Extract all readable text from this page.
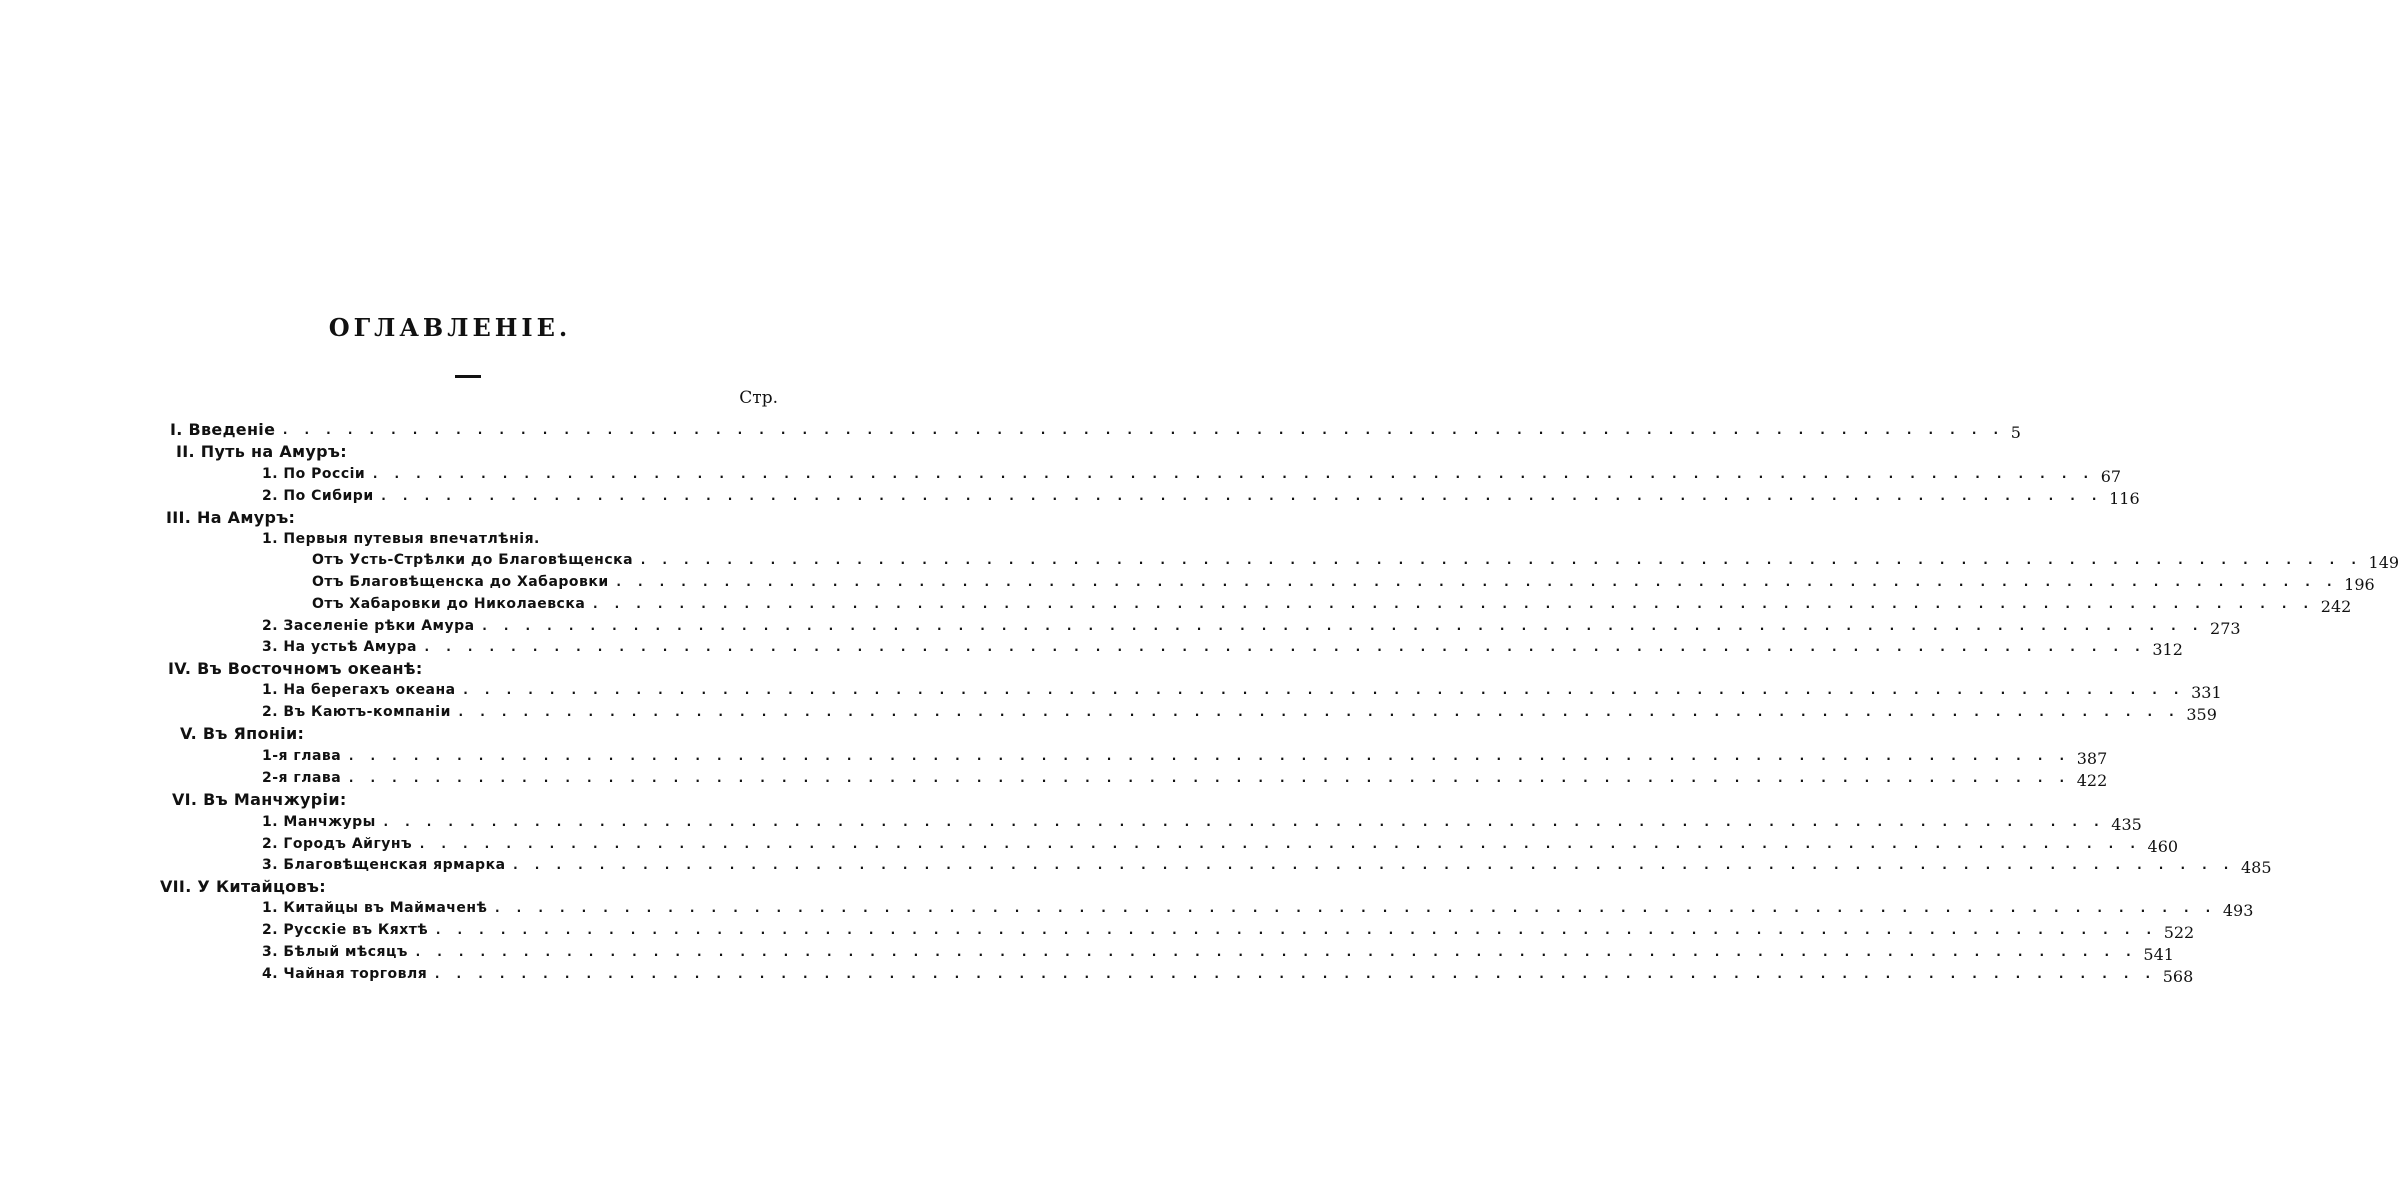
ОГЛАВЛЕНIЕ.
Стр.
I. Введенiе . . . . . . . . . . . . . . . . . . . . . . . . . . . . . . . . . . . . . . . . . . . . . . . . . . . . . . . . . . . . . . . . . . . . . . . . . . . . . . . . 5
II. Путь на Амуръ:
1. По Россiи . . . . . . . . . . . . . . . . . . . . . . . . . . . . . . . . . . . . . . . . . . . . . . . . . . . . . . . . . . . . . . . . . . . . . . . . . . . . . . . . 67
2. По Сибири . . . . . . . . . . . . . . . . . . . . . . . . . . . . . . . . . . . . . . . . . . . . . . . . . . . . . . . . . . . . . . . . . . . . . . . . . . . . . . . . 116
III. На Амуръ:
1. Первыя путевыя впечатлѣнiя.
Отъ Усть-Стрѣлки до Благовѣщенска . . . . . . . . . . . . . . . . . . . . . . . . . . . . . . . . . . . . . . . . . . . . . . . . . . . . . . . . . . . . . . . . . . . . . . . . . . . . . . . . 149
Отъ Благовѣщенска до Хабаровки . . . . . . . . . . . . . . . . . . . . . . . . . . . . . . . . . . . . . . . . . . . . . . . . . . . . . . . . . . . . . . . . . . . . . . . . . . . . . . . . 196
Отъ Хабаровки до Николаевска . . . . . . . . . . . . . . . . . . . . . . . . . . . . . . . . . . . . . . . . . . . . . . . . . . . . . . . . . . . . . . . . . . . . . . . . . . . . . . . . 242
2. Заселенiе рѣки Амура . . . . . . . . . . . . . . . . . . . . . . . . . . . . . . . . . . . . . . . . . . . . . . . . . . . . . . . . . . . . . . . . . . . . . . . . . . . . . . . . 273
3. На устьѣ Амура . . . . . . . . . . . . . . . . . . . . . . . . . . . . . . . . . . . . . . . . . . . . . . . . . . . . . . . . . . . . . . . . . . . . . . . . . . . . . . . . 312
IV. Въ Восточномъ океанѣ:
1. На берегахъ океана . . . . . . . . . . . . . . . . . . . . . . . . . . . . . . . . . . . . . . . . . . . . . . . . . . . . . . . . . . . . . . . . . . . . . . . . . . . . . . . . 331
2. Въ Каютъ-компанiи . . . . . . . . . . . . . . . . . . . . . . . . . . . . . . . . . . . . . . . . . . . . . . . . . . . . . . . . . . . . . . . . . . . . . . . . . . . . . . . . 359
V. Въ Японiи:
1-я глава . . . . . . . . . . . . . . . . . . . . . . . . . . . . . . . . . . . . . . . . . . . . . . . . . . . . . . . . . . . . . . . . . . . . . . . . . . . . . . . . 387
2-я глава . . . . . . . . . . . . . . . . . . . . . . . . . . . . . . . . . . . . . . . . . . . . . . . . . . . . . . . . . . . . . . . . . . . . . . . . . . . . . . . . 422
VI. Въ Манчжурiи:
1. Манчжуры . . . . . . . . . . . . . . . . . . . . . . . . . . . . . . . . . . . . . . . . . . . . . . . . . . . . . . . . . . . . . . . . . . . . . . . . . . . . . . . . 435
2. Городъ Айгунъ . . . . . . . . . . . . . . . . . . . . . . . . . . . . . . . . . . . . . . . . . . . . . . . . . . . . . . . . . . . . . . . . . . . . . . . . . . . . . . . . 460
3. Благовѣщенская ярмарка . . . . . . . . . . . . . . . . . . . . . . . . . . . . . . . . . . . . . . . . . . . . . . . . . . . . . . . . . . . . . . . . . . . . . . . . . . . . . . . . 485
VII. У Китайцовъ:
1. Китайцы въ Маймаченѣ . . . . . . . . . . . . . . . . . . . . . . . . . . . . . . . . . . . . . . . . . . . . . . . . . . . . . . . . . . . . . . . . . . . . . . . . . . . . . . . . 493
2. Русскiе въ Кяхтѣ . . . . . . . . . . . . . . . . . . . . . . . . . . . . . . . . . . . . . . . . . . . . . . . . . . . . . . . . . . . . . . . . . . . . . . . . . . . . . . . . 522
3. Бѣлый мѣсяцъ . . . . . . . . . . . . . . . . . . . . . . . . . . . . . . . . . . . . . . . . . . . . . . . . . . . . . . . . . . . . . . . . . . . . . . . . . . . . . . . . 541
4. Чайная торговля . . . . . . . . . . . . . . . . . . . . . . . . . . . . . . . . . . . . . . . . . . . . . . . . . . . . . . . . . . . . . . . . . . . . . . . . . . . . . . . . 568
